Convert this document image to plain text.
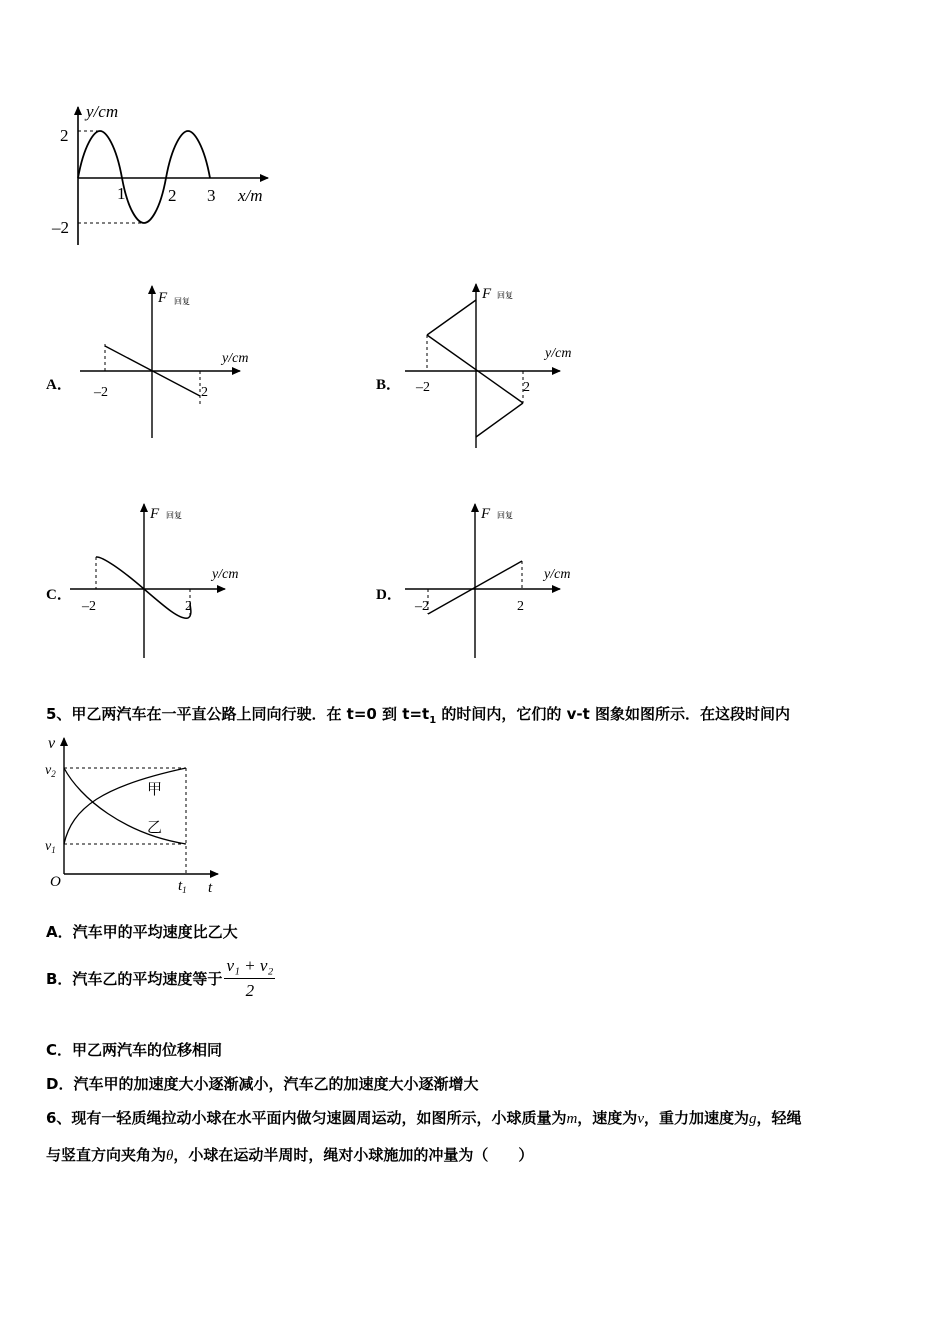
y/cm
x/m
2
–2
1	2 3
A．
F 回复
y/cm
–2	2	B．
F 回复
y/cm
–2	2
C．
F 回复
y/cm
–2	2
D．
F 回复
y/cm
–2	2
5、甲乙两汽车在一平直公路上同向行驶．在 t=0 到 $t=t_1$ 的时间内，它们的 v-t 图象如图所示．在这段时间内
v
$v_2$
$v_1$
O	$t_1$ t
甲
乙
A．汽车甲的平均速度比乙大
B．汽车乙的平均速度等于 $\frac{\text{v₁ + v₂}}{2}$
C．甲乙两汽车的位移相同
D．汽车甲的加速度大小逐渐减小，汽车乙的加速度大小逐渐增大
6、现有一轻质绳拉动小球在水平面内做匀速圆周运动，如图所示，小球质量为m，速度为v，重力加速度为g，轻绳
与竖直方向夹角为θ，小球在运动半周时，绳对小球施加的冲量为（　　）
